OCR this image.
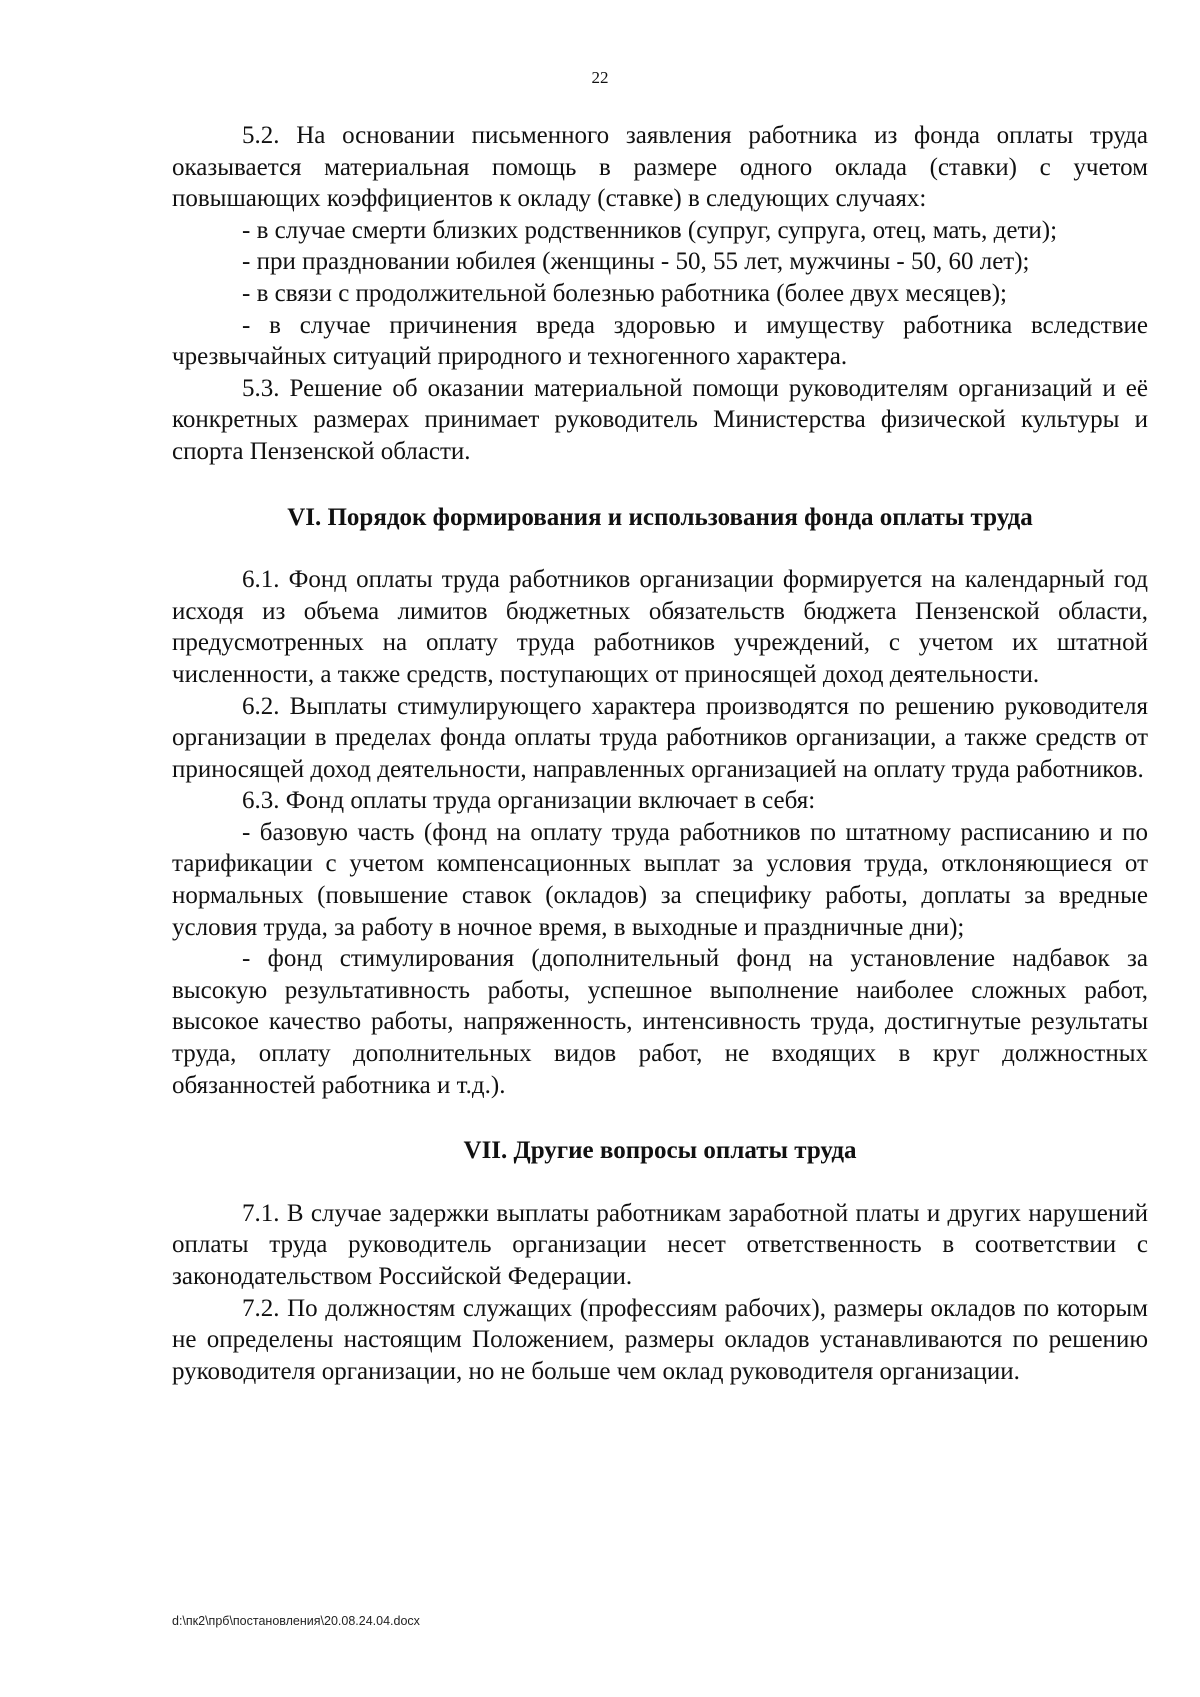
22

5.2. На основании письменного заявления работника из фонда оплаты труда оказывается материальная помощь в размере одного оклада (ставки) с учетом повышающих коэффициентов к окладу (ставке) в следующих случаях:

- в случае смерти близких родственников (супруг, супруга, отец, мать, дети);

- при праздновании юбилея (женщины - 50, 55 лет, мужчины - 50, 60 лет);

- в связи с продолжительной болезнью работника (более двух месяцев);

- в случае причинения вреда здоровью и имуществу работника вследствие чрезвычайных ситуаций природного и техногенного характера.

5.3. Решение об оказании материальной помощи руководителям организаций и её конкретных размерах принимает руководитель Министерства физической культуры и спорта Пензенской области.

VI. Порядок формирования и использования фонда оплаты труда

6.1. Фонд оплаты труда работников организации формируется на календарный год исходя из объема лимитов бюджетных обязательств бюджета Пензенской области, предусмотренных на оплату труда работников учреждений, с учетом их штатной численности, а также средств, поступающих от приносящей доход деятельности.

6.2. Выплаты стимулирующего характера производятся по решению руководителя организации в пределах фонда оплаты труда работников организации, а также средств от приносящей доход деятельности, направленных организацией на оплату труда работников.

6.3. Фонд оплаты труда организации включает в себя:

- базовую часть (фонд на оплату труда работников по штатному расписанию и по тарификации с учетом компенсационных выплат за условия труда, отклоняющиеся от нормальных (повышение ставок (окладов) за специфику работы, доплаты за вредные условия труда, за работу в ночное время, в выходные и праздничные дни);

- фонд стимулирования (дополнительный фонд на установление надбавок за высокую результативность работы, успешное выполнение наиболее сложных работ, высокое качество работы, напряженность, интенсивность труда, достигнутые результаты труда, оплату дополнительных видов работ, не входящих в круг должностных обязанностей работника и т.д.).

VII. Другие вопросы оплаты труда

7.1. В случае задержки выплаты работникам заработной платы и других нарушений оплаты труда руководитель организации несет ответственность в соответствии с законодательством Российской Федерации.

7.2. По должностям служащих (профессиям рабочих), размеры окладов по которым не определены настоящим Положением, размеры окладов устанавливаются по решению руководителя организации, но не больше чем оклад руководителя организации.

d:\пк2\прб\постановления\20.08.24.04.docx
